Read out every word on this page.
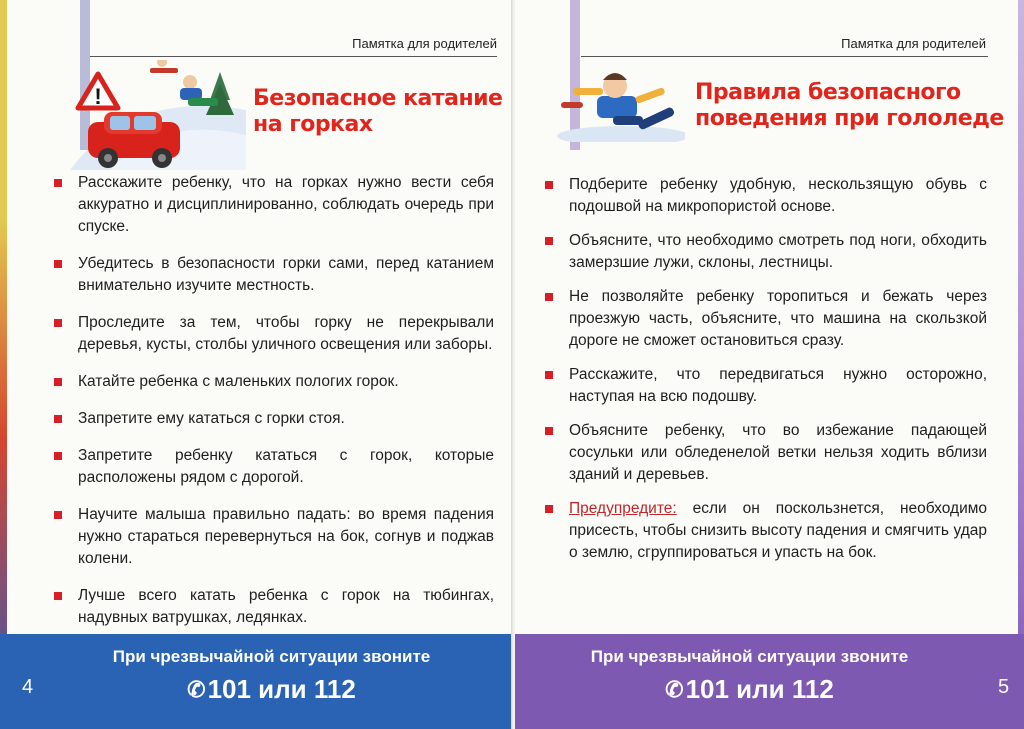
Памятка для родителей
!	Безопасное катание
на горках
Расскажите ребенку, что на горках нужно вести себя аккуратно и дисциплинированно, соблюдать очередь при спуске.
Убедитесь в безопасности горки сами, перед катанием внимательно изучите местность.
Проследите за тем, чтобы горку не перекрывали деревья, кусты, столбы уличного освещения или заборы.
Катайте ребенка с маленьких пологих горок.
Запретите ему кататься с горки стоя.
Запретите ребенку кататься с горок, которые расположены рядом с дорогой.
Научите малыша правильно падать: во время падения нужно стараться перевернуться на бок, согнув и поджав колени.
Лучше всего катать ребенка с горок на тюбингах, надувных ватрушках, ледянках.
При чрезвычайной ситуации звоните
✆101 или 112
4
Памятка для родителей
Правила безопасного
поведения при гололеде
Подберите ребенку удобную, нескользящую обувь с подошвой на микропористой основе.
Объясните, что необходимо смотреть под ноги, обходить замерзшие лужи, склоны, лестницы.
Не позволяйте ребенку торопиться и бежать через проезжую часть, объясните, что машина на скользкой дороге не сможет остановиться сразу.
Расскажите, что передвигаться нужно осторожно, наступая на всю подошву.
Объясните ребенку, что во избежание падающей сосульки или обледенелой ветки нельзя ходить вблизи зданий и деревьев.
Предупредите: если он поскользнется, необходимо присесть, чтобы снизить высоту падения и смягчить удар о землю, сгруппироваться и упасть на бок.
При чрезвычайной ситуации звоните
✆101 или 112	5
